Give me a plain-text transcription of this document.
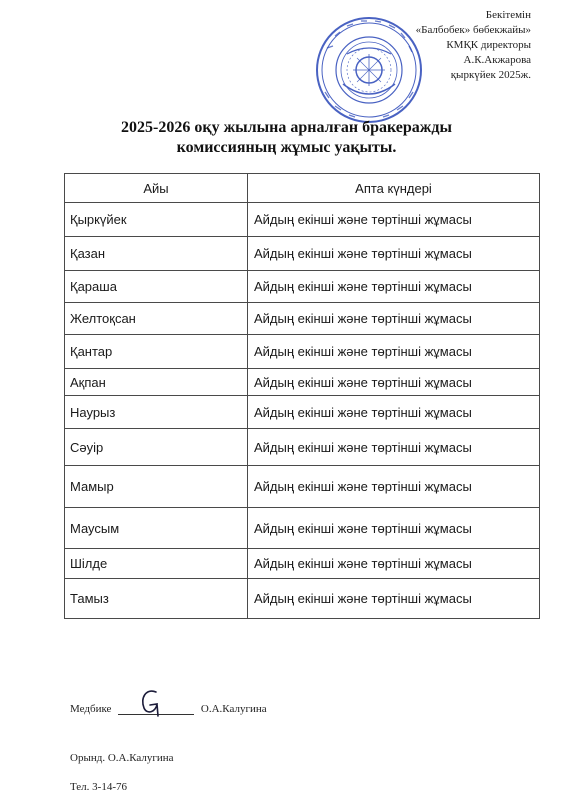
Бекітемін
«Балбобек» бөбекжайы»
КМҚК директоры
А.К.Акжарова
қыркүйек 2025ж.
2025-2026 оқу жылына арналған бракеражды
комиссияның жұмыс уақыты.
Айы	Апта күндері
Қыркүйек	Айдың екінші және төртінші жұмасы
Қазан	Айдың екінші және төртінші жұмасы
Қараша	Айдың екінші және төртінші жұмасы
Желтоқсан	Айдың екінші және төртінші жұмасы
Қантар	Айдың екінші және төртінші жұмасы
Ақпан	Айдың екінші және төртінші жұмасы
Наурыз	Айдың екінші және төртінші жұмасы
Сәуір	Айдың екінші және төртінші жұмасы
Мамыр	Айдың екінші және төртінші жұмасы
Маусым	Айдың екінші және төртінші жұмасы
Шілде	Айдың екінші және төртінші жұмасы
Тамыз	Айдың екінші және төртінші жұмасы
Медбике	О.А.Калугина
Орынд. О.А.Калугина
Тел. 3-14-76
